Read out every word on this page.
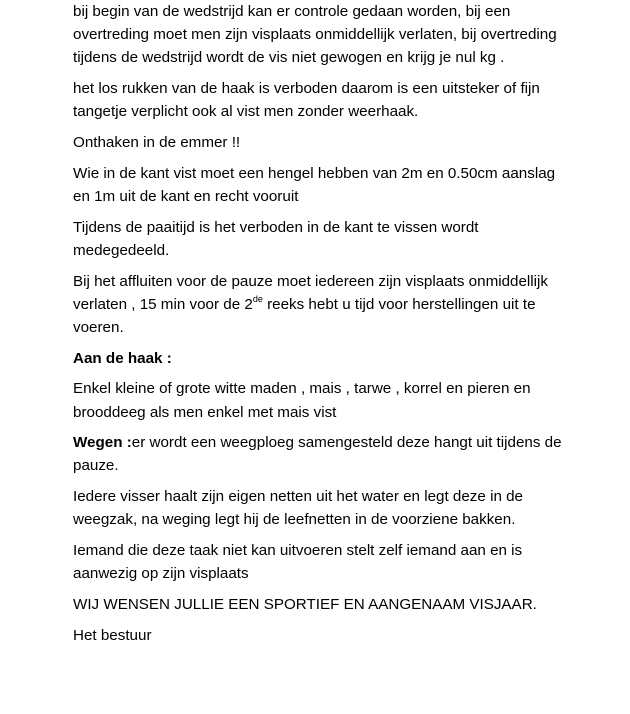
bij begin van de wedstrijd kan er controle gedaan worden, bij een overtreding moet men zijn visplaats onmiddellijk verlaten, bij overtreding tijdens de wedstrijd wordt de vis niet gewogen en krijg je nul kg .

het los rukken van de haak is verboden daarom is een uitsteker of fijn tangetje verplicht ook al vist men zonder weerhaak.

Onthaken in de emmer !!

Wie in de kant vist moet een hengel hebben van 2m en 0.50cm aanslag en 1m uit de kant en recht vooruit

Tijdens de paaitijd is het verboden in de kant te vissen wordt medegedeeld.

Bij het affluiten voor de pauze moet iedereen zijn visplaats onmiddellijk verlaten , 15 min voor de 2de reeks hebt u tijd voor herstellingen uit te voeren.

Aan de haak :

Enkel kleine of grote witte maden , mais , tarwe , korrel en pieren en brooddeeg als men enkel met mais vist

Wegen :er wordt een weegploeg samengesteld deze hangt uit tijdens de pauze.

Iedere visser haalt zijn eigen netten uit het water en legt deze in de weegzak, na weging legt hij de leefnetten in de voorziene bakken.

Iemand die deze taak niet kan uitvoeren stelt zelf iemand aan en is aanwezig op zijn visplaats

WIJ WENSEN JULLIE EEN SPORTIEF EN AANGENAAM VISJAAR.

Het bestuur
